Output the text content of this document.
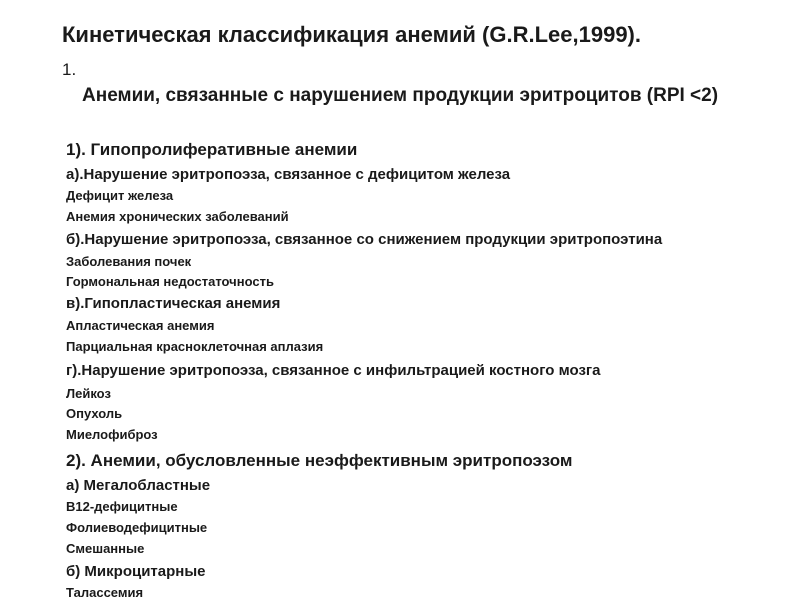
Кинетическая классификация анемий (G.R.Lee,1999).
1.
Анемии, связанные с нарушением продукции эритроцитов (RPI <2)
1). Гипопролиферативные анемии
а).Нарушение эритропоэза, связанное с дефицитом железа
Дефицит железа
Анемия хронических заболеваний
б).Нарушение эритропоэза, связанное со снижением продукции эритропоэтина
Заболевания почек
Гормональная недостаточность
в).Гипопластическая анемия
Апластическая анемия
Парциальная красноклеточная аплазия
г).Нарушение эритропоэза, связанное с инфильтрацией костного мозга
Лейкоз
Опухоль
Миелофиброз
2). Анемии, обусловленные неэффективным эритропоэзом
а) Мегалобластные
В12-дефицитные
Фолиеводефицитные
Смешанные
б) Микроцитарные
Талассемия
